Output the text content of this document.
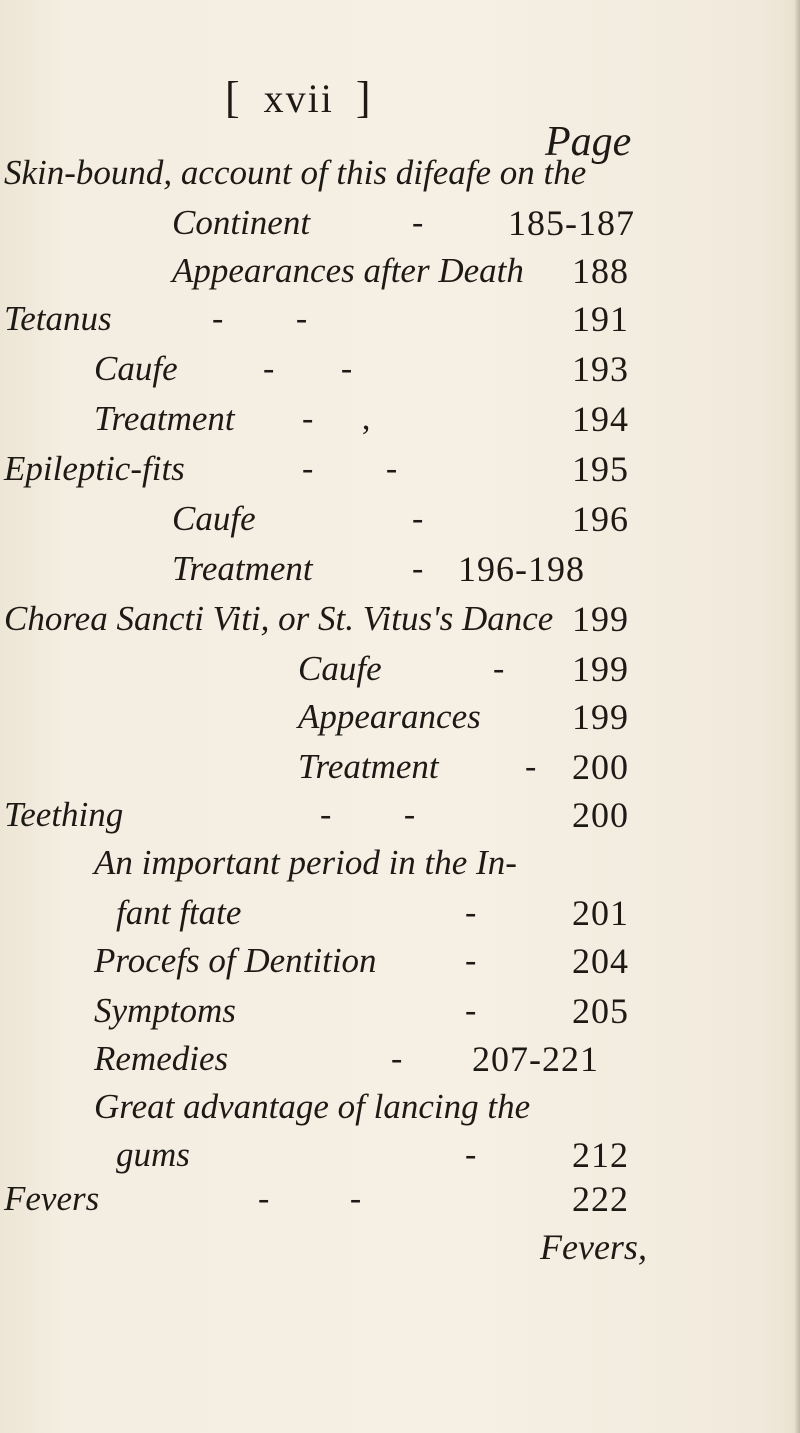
[ xvii ]
Page
Skin-bound, account of this difeafe on the
Continent	- 185-187
Appearances after Death 188
Tetanus	- -	191
Caufe	- -	193
Treatment - ,	194
Epileptic-fits	- -	195
Caufe	-	196
Treatment	- 196-198
Chorea Sancti Viti, or St. Vitus's Dance 199
Caufe	- 199
Appearances	199
Treatment	- 200
Teething	- -	200
An important period in the In-
fant ftate	-	201
Procefs of Dentition	-	204
Symptoms	-	205
Remedies	- 207-221
Great advantage of lancing the
gums	-	212
Fevers	- -	222
Fevers,
